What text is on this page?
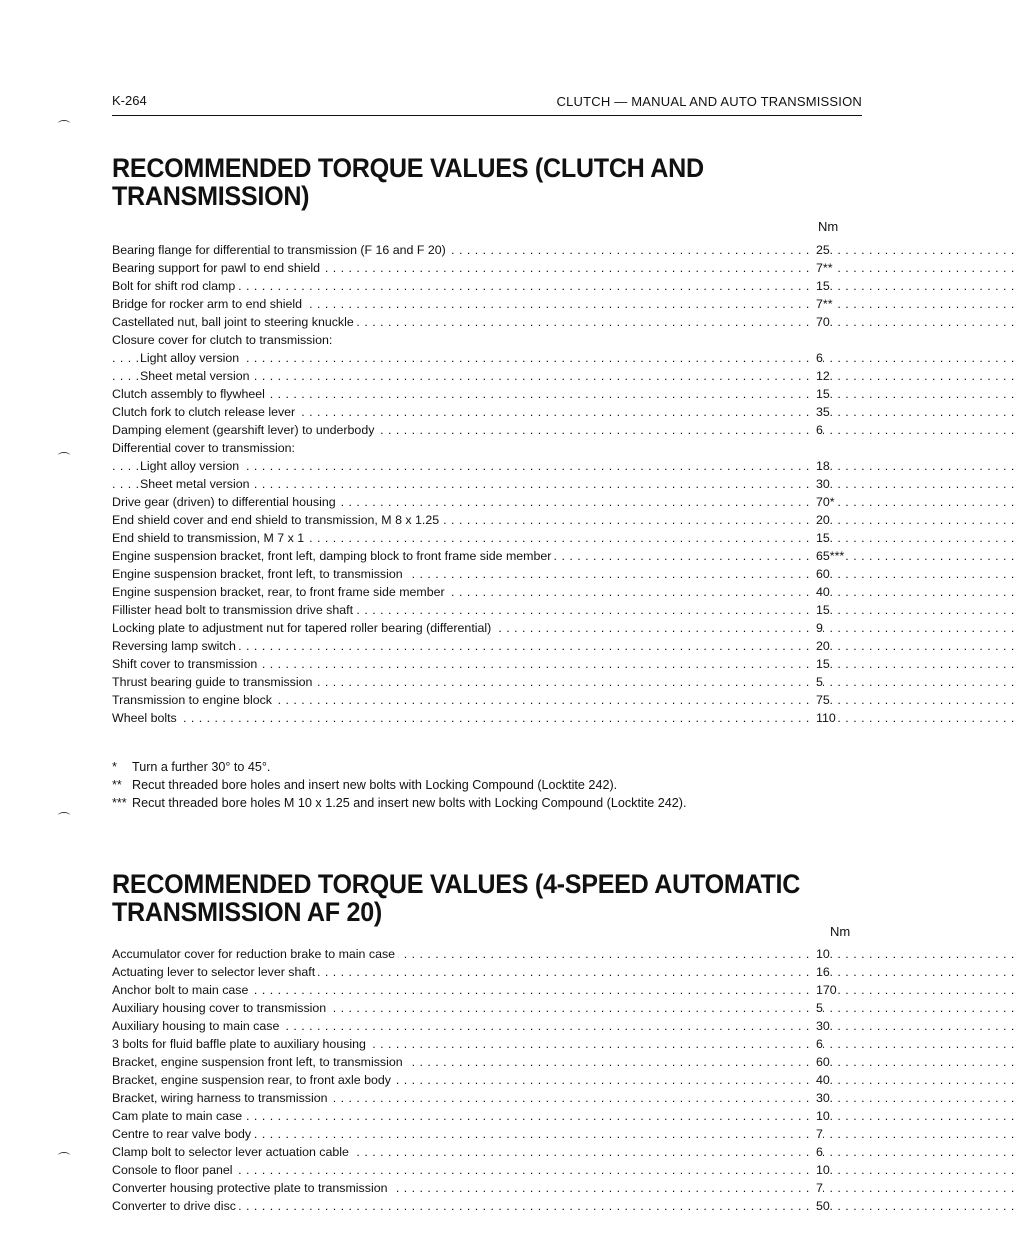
K-264	CLUTCH — MANUAL AND AUTO TRANSMISSION
RECOMMENDED TORQUE VALUES (CLUTCH AND TRANSMISSION)
Nm
. . . Bearing flange for differential to transmission (F 16 and F 20)	25
. . . Bearing support for pawl to end shield	7**
. . . Bolt for shift rod clamp	15
. . . Bridge for rocker arm to end shield	7**
. . . Castellated nut, ball joint to steering knuckle	70
Closure cover for clutch to transmission:
. . . Light alloy version	6
. . . Sheet metal version	12
. . . Clutch assembly to flywheel	15
. . . Clutch fork to clutch release lever	35
. . . Damping element (gearshift lever) to underbody	6
Differential cover to transmission:
. . . Light alloy version	18
. . . Sheet metal version	30
. . . Drive gear (driven) to differential housing	70*
. . . End shield cover and end shield to transmission, M 8 x 1.25	20
. . . End shield to transmission, M 7 x 1	15
. . . Engine suspension bracket, front left, damping block to front frame side member	65***
. . . Engine suspension bracket, front left, to transmission	60
. . . Engine suspension bracket, rear, to front frame side member	40
. . . Fillister head bolt to transmission drive shaft	15
. . . Locking plate to adjustment nut for tapered roller bearing (differential)	9
. . . Reversing lamp switch	20
. . . Shift cover to transmission	15
. . . Thrust bearing guide to transmission	5
. . . Transmission to engine block	75
. . . Wheel bolts	110
* Turn a further 30° to 45°.
** Recut threaded bore holes and insert new bolts with Locking Compound (Locktite 242).
*** Recut threaded bore holes M 10 x 1.25 and insert new bolts with Locking Compound (Locktite 242).
RECOMMENDED TORQUE VALUES (4-SPEED AUTOMATIC TRANSMISSION AF 20)
Nm
. . . Accumulator cover for reduction brake to main case	10
. . . Actuating lever to selector lever shaft	16
. . . Anchor bolt to main case	170
. . . Auxiliary housing cover to transmission	5
. . . Auxiliary housing to main case	30
. . . 3 bolts for fluid baffle plate to auxiliary housing	6
. . . Bracket, engine suspension front left, to transmission	60
. . . Bracket, engine suspension rear, to front axle body	40
. . . Bracket, wiring harness to transmission	30
. . . Cam plate to main case	10
. . . Centre to rear valve body	7
. . . Clamp bolt to selector lever actuation cable	6
. . . Console to floor panel	10
. . . Converter housing protective plate to transmission	7
. . . Converter to drive disc	50
